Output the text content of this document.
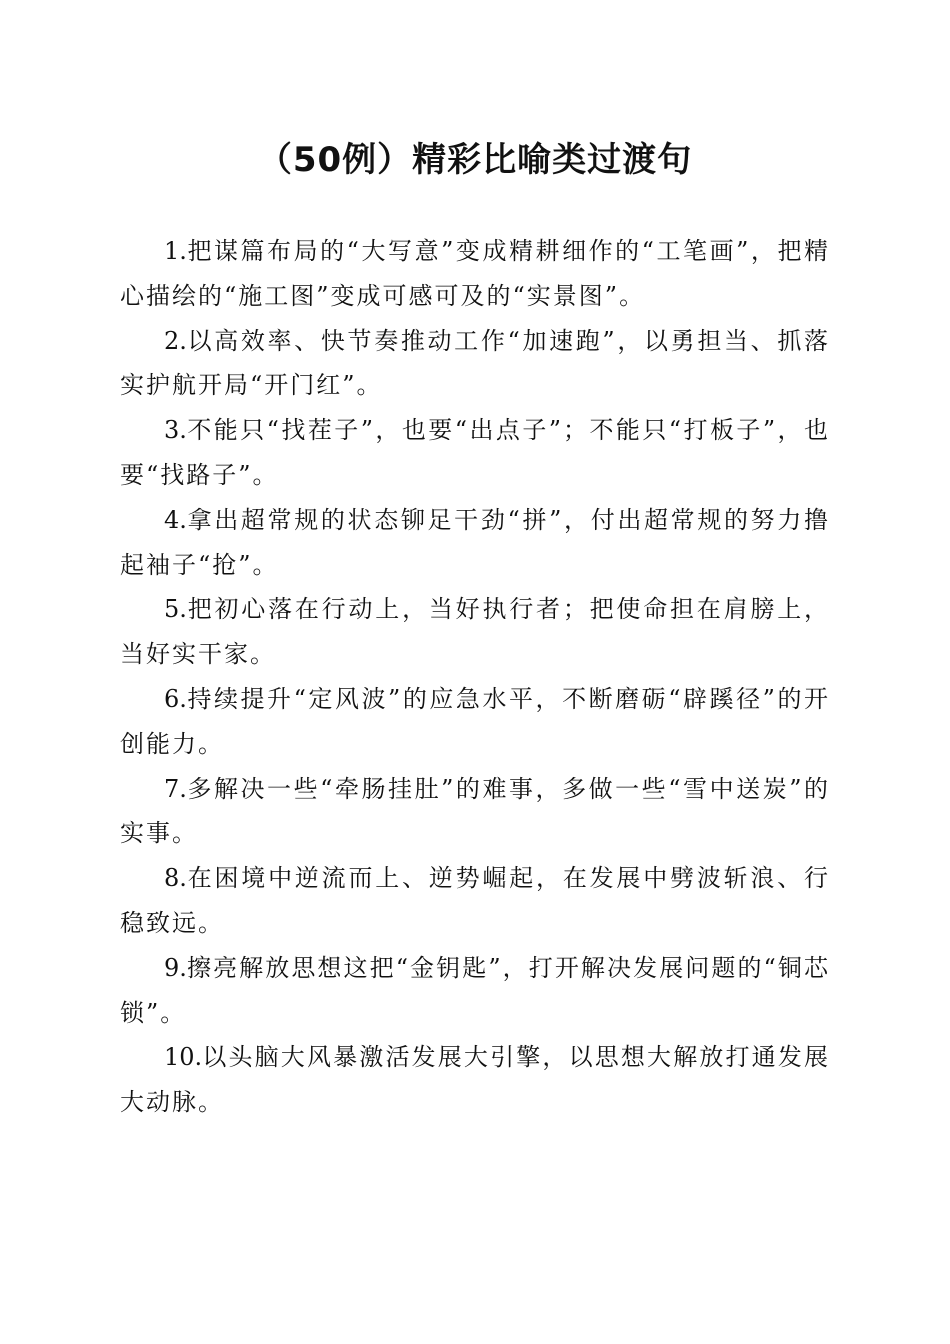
（50例）精彩比喻类过渡句

1.把谋篇布局的“大写意”变成精耕细作的“工笔画”，把精心描绘的“施工图”变成可感可及的“实景图”。

2.以高效率、快节奏推动工作“加速跑”，以勇担当、抓落实护航开局“开门红”。

3.不能只“找茬子”，也要“出点子”；不能只“打板子”，也要“找路子”。

4.拿出超常规的状态铆足干劲“拼”，付出超常规的努力撸起袖子“抢”。

5.把初心落在行动上，当好执行者；把使命担在肩膀上，当好实干家。

6.持续提升“定风波”的应急水平，不断磨砺“辟蹊径”的开创能力。

7.多解决一些“牵肠挂肚”的难事，多做一些“雪中送炭”的实事。

8.在困境中逆流而上、逆势崛起，在发展中劈波斩浪、行稳致远。

9.擦亮解放思想这把“金钥匙”，打开解决发展问题的“铜芯锁”。

10.以头脑大风暴激活发展大引擎，以思想大解放打通发展大动脉。
